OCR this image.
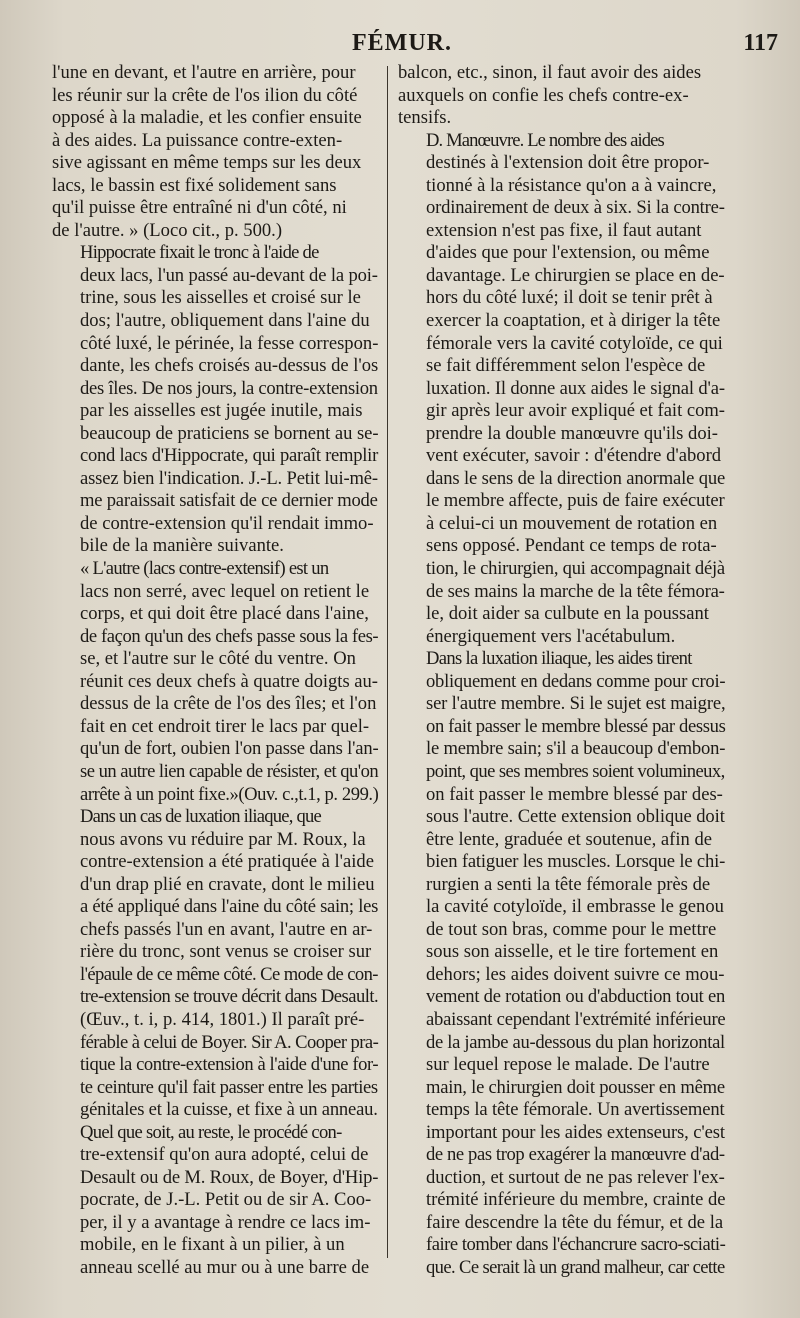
FÉMUR.	117

l'une en devant, et l'autre en arrière, pour
les réunir sur la crête de l'os ilion du côté
opposé à la maladie, et les confier ensuite
à des aides. La puissance contre-exten-
sive agissant en même temps sur les deux
lacs, le bassin est fixé solidement sans
qu'il puisse être entraîné ni d'un côté, ni
de l'autre. » (Loco cit., p. 500.)

Hippocrate fixait le tronc à l'aide de
deux lacs, l'un passé au-devant de la poi-
trine, sous les aisselles et croisé sur le
dos; l'autre, obliquement dans l'aine du
côté luxé, le périnée, la fesse correspon-
dante, les chefs croisés au-dessus de l'os
des îles. De nos jours, la contre-extension
par les aisselles est jugée inutile, mais
beaucoup de praticiens se bornent au se-
cond lacs d'Hippocrate, qui paraît remplir
assez bien l'indication. J.-L. Petit lui-mê-
me paraissait satisfait de ce dernier mode
de contre-extension qu'il rendait immo-
bile de la manière suivante.

« L'autre (lacs contre-extensif) est un
lacs non serré, avec lequel on retient le
corps, et qui doit être placé dans l'aine,
de façon qu'un des chefs passe sous la fes-
se, et l'autre sur le côté du ventre. On
réunit ces deux chefs à quatre doigts au-
dessus de la crête de l'os des îles; et l'on
fait en cet endroit tirer le lacs par quel-
qu'un de fort, oubien l'on passe dans l'an-
se un autre lien capable de résister, et qu'on
arrête à un point fixe.»(Ouv. c.,t.1, p. 299.)

Dans un cas de luxation iliaque, que
nous avons vu réduire par M. Roux, la
contre-extension a été pratiquée à l'aide
d'un drap plié en cravate, dont le milieu
a été appliqué dans l'aine du côté sain; les
chefs passés l'un en avant, l'autre en ar-
rière du tronc, sont venus se croiser sur
l'épaule de ce même côté. Ce mode de con-
tre-extension se trouve décrit dans Desault.
(Œuv., t. i, p. 414, 1801.) Il paraît pré-
férable à celui de Boyer. Sir A. Cooper pra-
tique la contre-extension à l'aide d'une for-
te ceinture qu'il fait passer entre les parties
génitales et la cuisse, et fixe à un anneau.

Quel que soit, au reste, le procédé con-
tre-extensif qu'on aura adopté, celui de
Desault ou de M. Roux, de Boyer, d'Hip-
pocrate, de J.-L. Petit ou de sir A. Coo-
per, il y a avantage à rendre ce lacs im-
mobile, en le fixant à un pilier, à un
anneau scellé au mur ou à une barre de

balcon, etc., sinon, il faut avoir des aides
auxquels on confie les chefs contre-ex-
tensifs.

D. Manœuvre. Le nombre des aides
destinés à l'extension doit être propor-
tionné à la résistance qu'on a à vaincre,
ordinairement de deux à six. Si la contre-
extension n'est pas fixe, il faut autant
d'aides que pour l'extension, ou même
davantage. Le chirurgien se place en de-
hors du côté luxé; il doit se tenir prêt à
exercer la coaptation, et à diriger la tête
fémorale vers la cavité cotyloïde, ce qui
se fait différemment selon l'espèce de
luxation. Il donne aux aides le signal d'a-
gir après leur avoir expliqué et fait com-
prendre la double manœuvre qu'ils doi-
vent exécuter, savoir : d'étendre d'abord
dans le sens de la direction anormale que
le membre affecte, puis de faire exécuter
à celui-ci un mouvement de rotation en
sens opposé. Pendant ce temps de rota-
tion, le chirurgien, qui accompagnait déjà
de ses mains la marche de la tête fémora-
le, doit aider sa culbute en la poussant
énergiquement vers l'acétabulum.

Dans la luxation iliaque, les aides tirent
obliquement en dedans comme pour croi-
ser l'autre membre. Si le sujet est maigre,
on fait passer le membre blessé par dessus
le membre sain; s'il a beaucoup d'embon-
point, que ses membres soient volumineux,
on fait passer le membre blessé par des-
sous l'autre. Cette extension oblique doit
être lente, graduée et soutenue, afin de
bien fatiguer les muscles. Lorsque le chi-
rurgien a senti la tête fémorale près de
la cavité cotyloïde, il embrasse le genou
de tout son bras, comme pour le mettre
sous son aisselle, et le tire fortement en
dehors; les aides doivent suivre ce mou-
vement de rotation ou d'abduction tout en
abaissant cependant l'extrémité inférieure
de la jambe au-dessous du plan horizontal
sur lequel repose le malade. De l'autre
main, le chirurgien doit pousser en même
temps la tête fémorale. Un avertissement
important pour les aides extenseurs, c'est
de ne pas trop exagérer la manœuvre d'ad-
duction, et surtout de ne pas relever l'ex-
trémité inférieure du membre, crainte de
faire descendre la tête du fémur, et de la
faire tomber dans l'échancrure sacro-sciati-
que. Ce serait là un grand malheur, car cette
